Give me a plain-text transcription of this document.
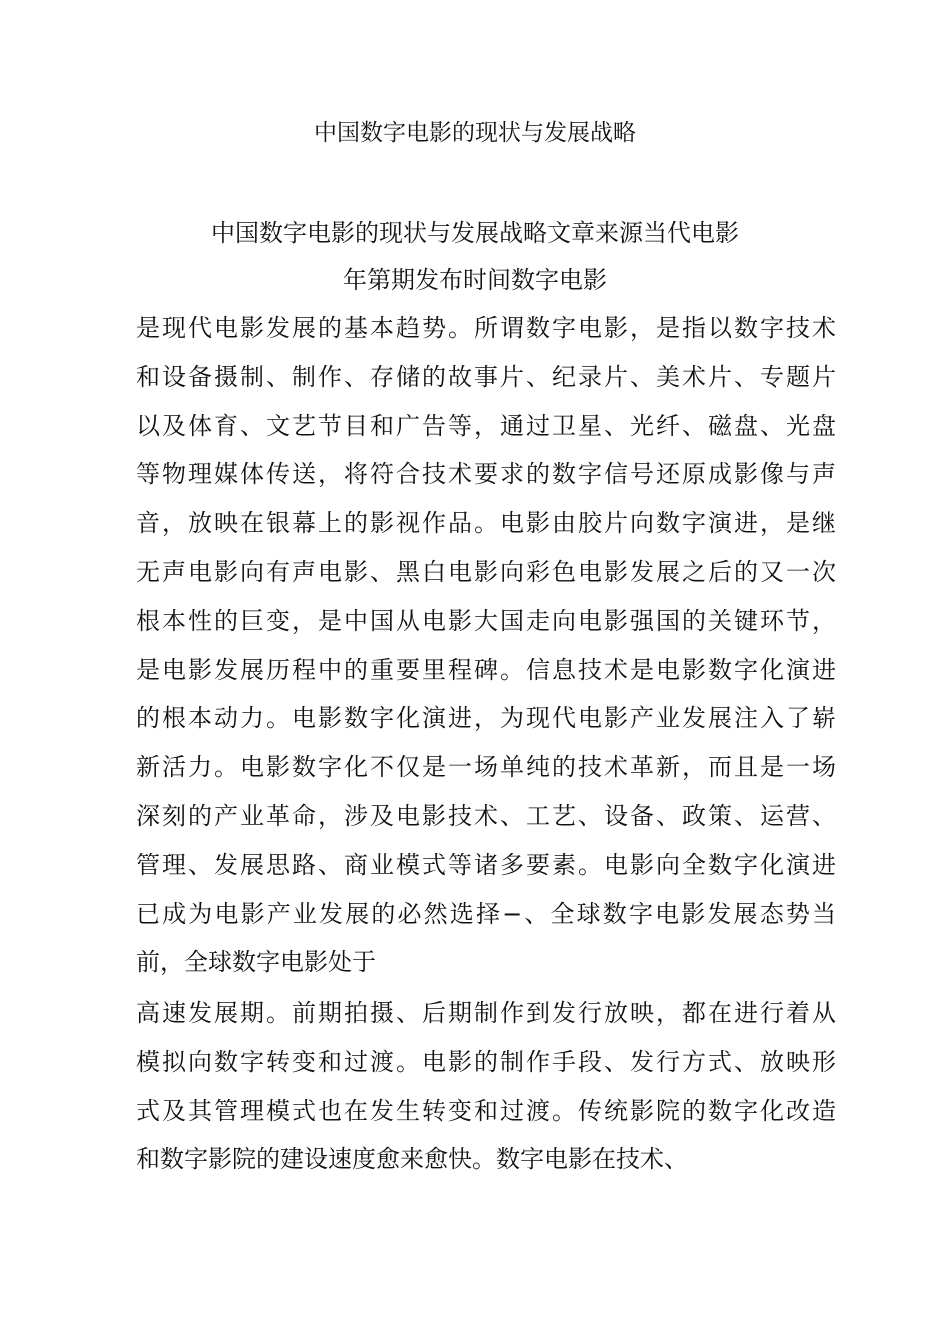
中国数字电影的现状与发展战略
中国数字电影的现状与发展战略文章来源当代电影
年第期发布时间数字电影
是现代电影发展的基本趋势。所谓数字电影，是指以数字技术
和设备摄制、制作、存储的故事片、纪录片、美术片、专题片
以及体育、文艺节目和广告等，通过卫星、光纤、磁盘、光盘
等物理媒体传送，将符合技术要求的数字信号还原成影像与声
音，放映在银幕上的影视作品。电影由胶片向数字演进，是继
无声电影向有声电影、黑白电影向彩色电影发展之后的又一次
根本性的巨变，是中国从电影大国走向电影强国的关键环节，
是电影发展历程中的重要里程碑。信息技术是电影数字化演进
的根本动力。电影数字化演进，为现代电影产业发展注入了崭
新活力。电影数字化不仅是一场单纯的技术革新，而且是一场
深刻的产业革命，涉及电影技术、工艺、设备、政策、运营、
管理、发展思路、商业模式等诸多要素。电影向全数字化演进
已成为电影产业发展的必然选择−、全球数字电影发展态势当
前，全球数字电影处于
高速发展期。前期拍摄、后期制作到发行放映，都在进行着从
模拟向数字转变和过渡。电影的制作手段、发行方式、放映形
式及其管理模式也在发生转变和过渡。传统影院的数字化改造
和数字影院的建设速度愈来愈快。数字电影在技术、
